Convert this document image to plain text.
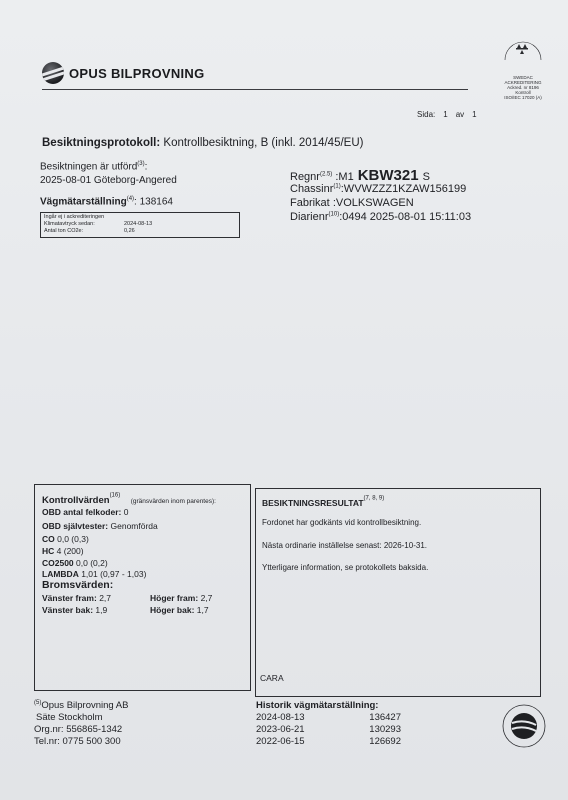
OPUS BILPROVNING	SWEDAC
ACKREDITERING
Ackred. nr 8196
Kontroll
ISO/IEC 17020 (A)
Sida: 1 av 1
Besiktningsprotokoll: Kontrollbesiktning, B (inkl. 2014/45/EU)
Besiktningen är utförd$^{(3)}$:
2025-08-01 Göteborg-Angered
Vägmätarställning$^{(4)}$: 138164
Ingår ej i ackrediteringen
Klimatavtryck sedan:	2024-08-13
Antal ton CO2e:	0,26
Regnr$^{(2.5)}$ :M1 KBW321 S
Chassinr$^{(1)}$:WVWZZZ1KZAW156199
Fabrikat :VOLKSWAGEN
Diarienr$^{(10)}$:0494 2025-08-01 15:11:03
Kontrollvärden$^{(16)}$ (gränsvärden inom parentes):
OBD antal felkoder: 0
OBD självtester: Genomförda
CO 0,0 (0,3)
HC 4 (200)
CO2500 0,0 (0,2)
LAMBDA 1,01 (0,97 - 1,03)
Bromsvärden:
Vänster fram: 2,7	Höger fram: 2,7
Vänster bak: 1,9	Höger bak: 1,7
BESIKTNINGSRESULTAT$^{(7, 8, 9)}$
Fordonet har godkänts vid kontrollbesiktning.
Nästa ordinarie inställelse senast: 2026-10-31.
Ytterligare information, se protokollets baksida.
CARA
$^{(5)}$Opus Bilprovning AB
Säte Stockholm
Org.nr: 556865-1342
Tel.nr: 0775 500 300
Historik vägmätarställning:
2024-08-13	136427
2023-06-21	130293
2022-06-15	126692
